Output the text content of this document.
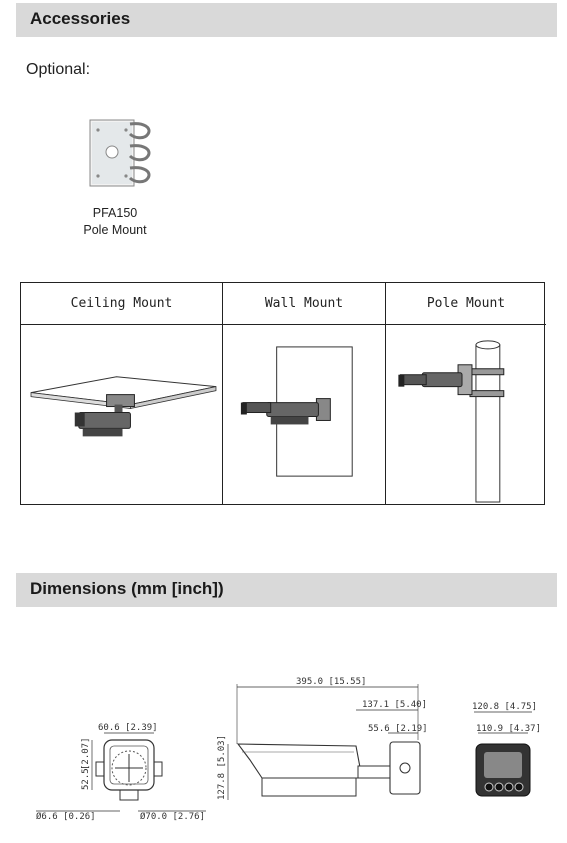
Accessories
Optional:
PFA150
Pole Mount
Ceiling Mount	Wall Mount	Pole Mount
Dimensions (mm [inch])
60.6 [2.39]
[2.07]
52.5
Ø6.6 [0.26]	Ø70.0 [2.76]
395.0 [15.55]
137.1 [5.40]
55.6 [2.19]
127.8 [5.03]
120.8 [4.75]
110.9 [4.37]
